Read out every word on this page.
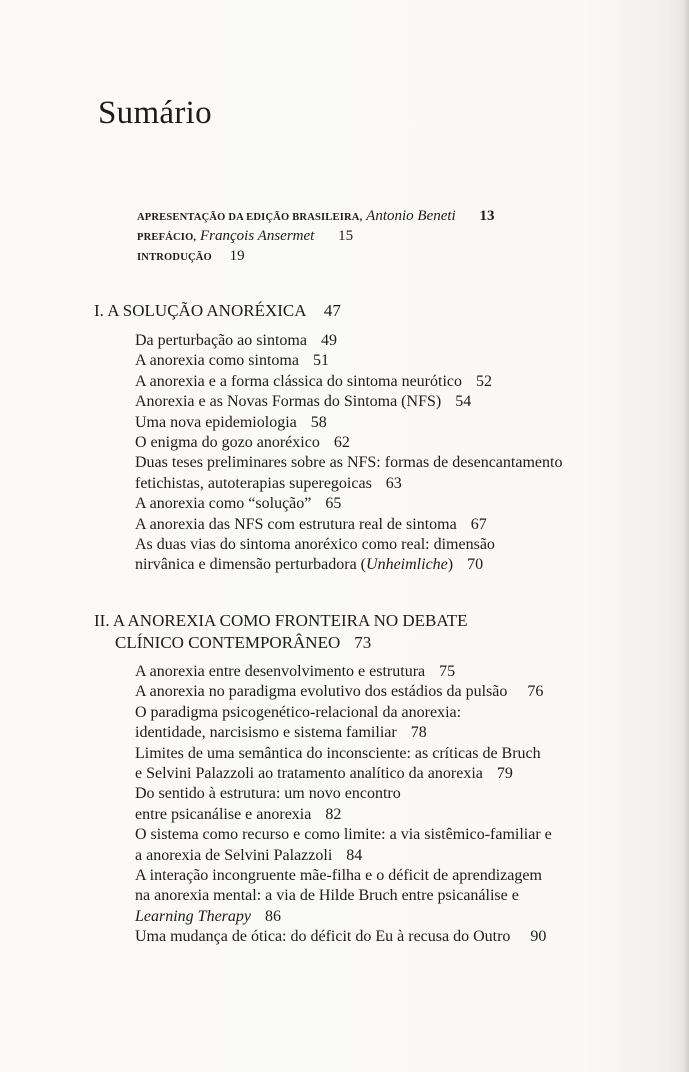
Sumário
APRESENTAÇÃO DA EDIÇÃO BRASILEIRA, Antonio Beneti 13
PREFÁCIO, François Ansermet 15
INTRODUÇÃO 19
I. A SOLUÇÃO ANORÉXICA 47
Da perturbação ao sintoma 49
A anorexia como sintoma 51
A anorexia e a forma clássica do sintoma neurótico 52
Anorexia e as Novas Formas do Sintoma (NFS) 54
Uma nova epidemiologia 58
O enigma do gozo anoréxico 62
Duas teses preliminares sobre as NFS: formas de desencantamento
fetichistas, autoterapias superegoicas 63
A anorexia como “solução” 65
A anorexia das NFS com estrutura real de sintoma 67
As duas vias do sintoma anoréxico como real: dimensão
nirvânica e dimensão perturbadora (Unheimliche) 70
II. A ANOREXIA COMO FRONTEIRA NO DEBATE
CLÍNICO CONTEMPORÂNEO 73
A anorexia entre desenvolvimento e estrutura 75
A anorexia no paradigma evolutivo dos estádios da pulsão 76
O paradigma psicogenético-relacional da anorexia:
identidade, narcisismo e sistema familiar 78
Limites de uma semântica do inconsciente: as críticas de Bruch
e Selvini Palazzoli ao tratamento analítico da anorexia 79
Do sentido à estrutura: um novo encontro
entre psicanálise e anorexia 82
O sistema como recurso e como limite: a via sistêmico-familiar e
a anorexia de Selvini Palazzoli 84
A interação incongruente mãe-filha e o déficit de aprendizagem
na anorexia mental: a via de Hilde Bruch entre psicanálise e
Learning Therapy 86
Uma mudança de ótica: do déficit do Eu à recusa do Outro 90
